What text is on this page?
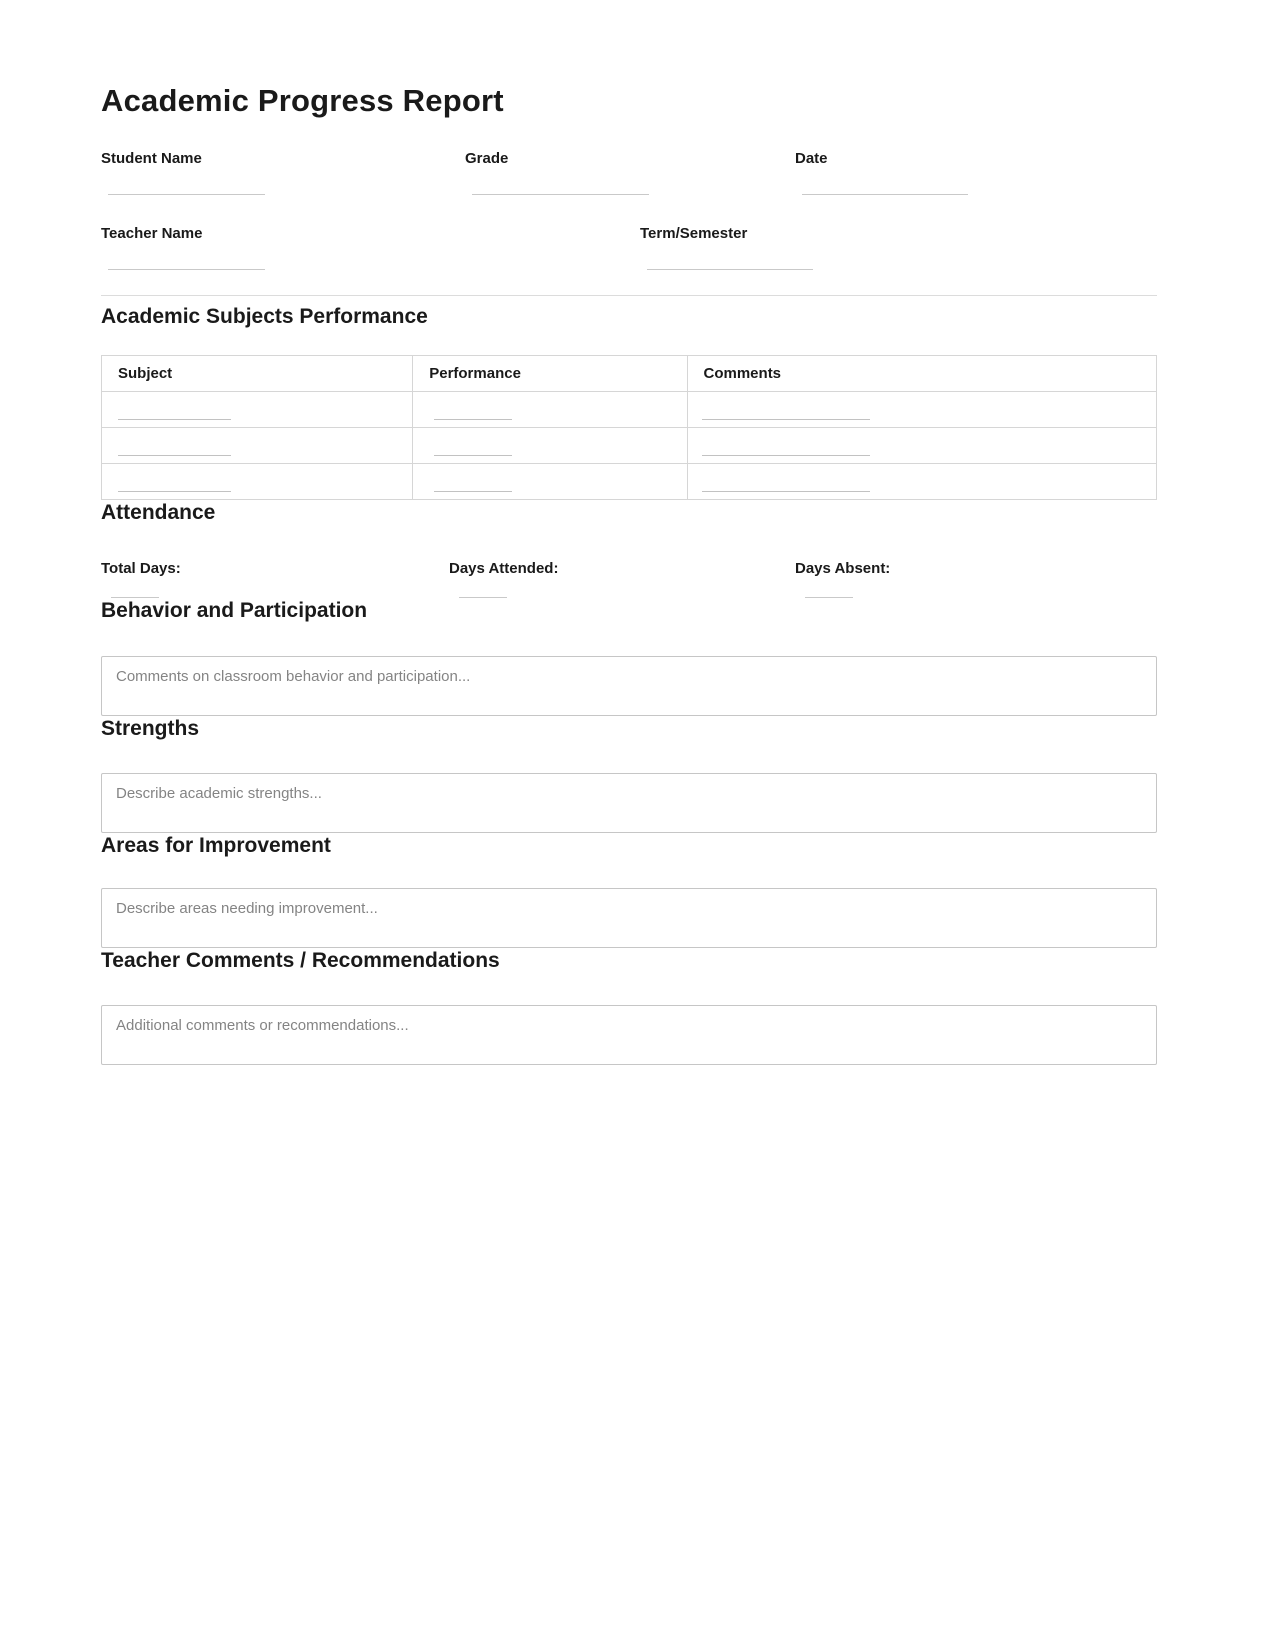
Academic Progress Report
Student Name	Grade	Date
Teacher Name	Term/Semester
Academic Subjects Performance
Subject	Performance	Comments

Attendance
Total Days:	Days Attended:	Days Absent:
Behavior and Participation
Comments on classroom behavior and participation...
Strengths
Describe academic strengths...
Areas for Improvement
Describe areas needing improvement...
Teacher Comments / Recommendations
Additional comments or recommendations...
